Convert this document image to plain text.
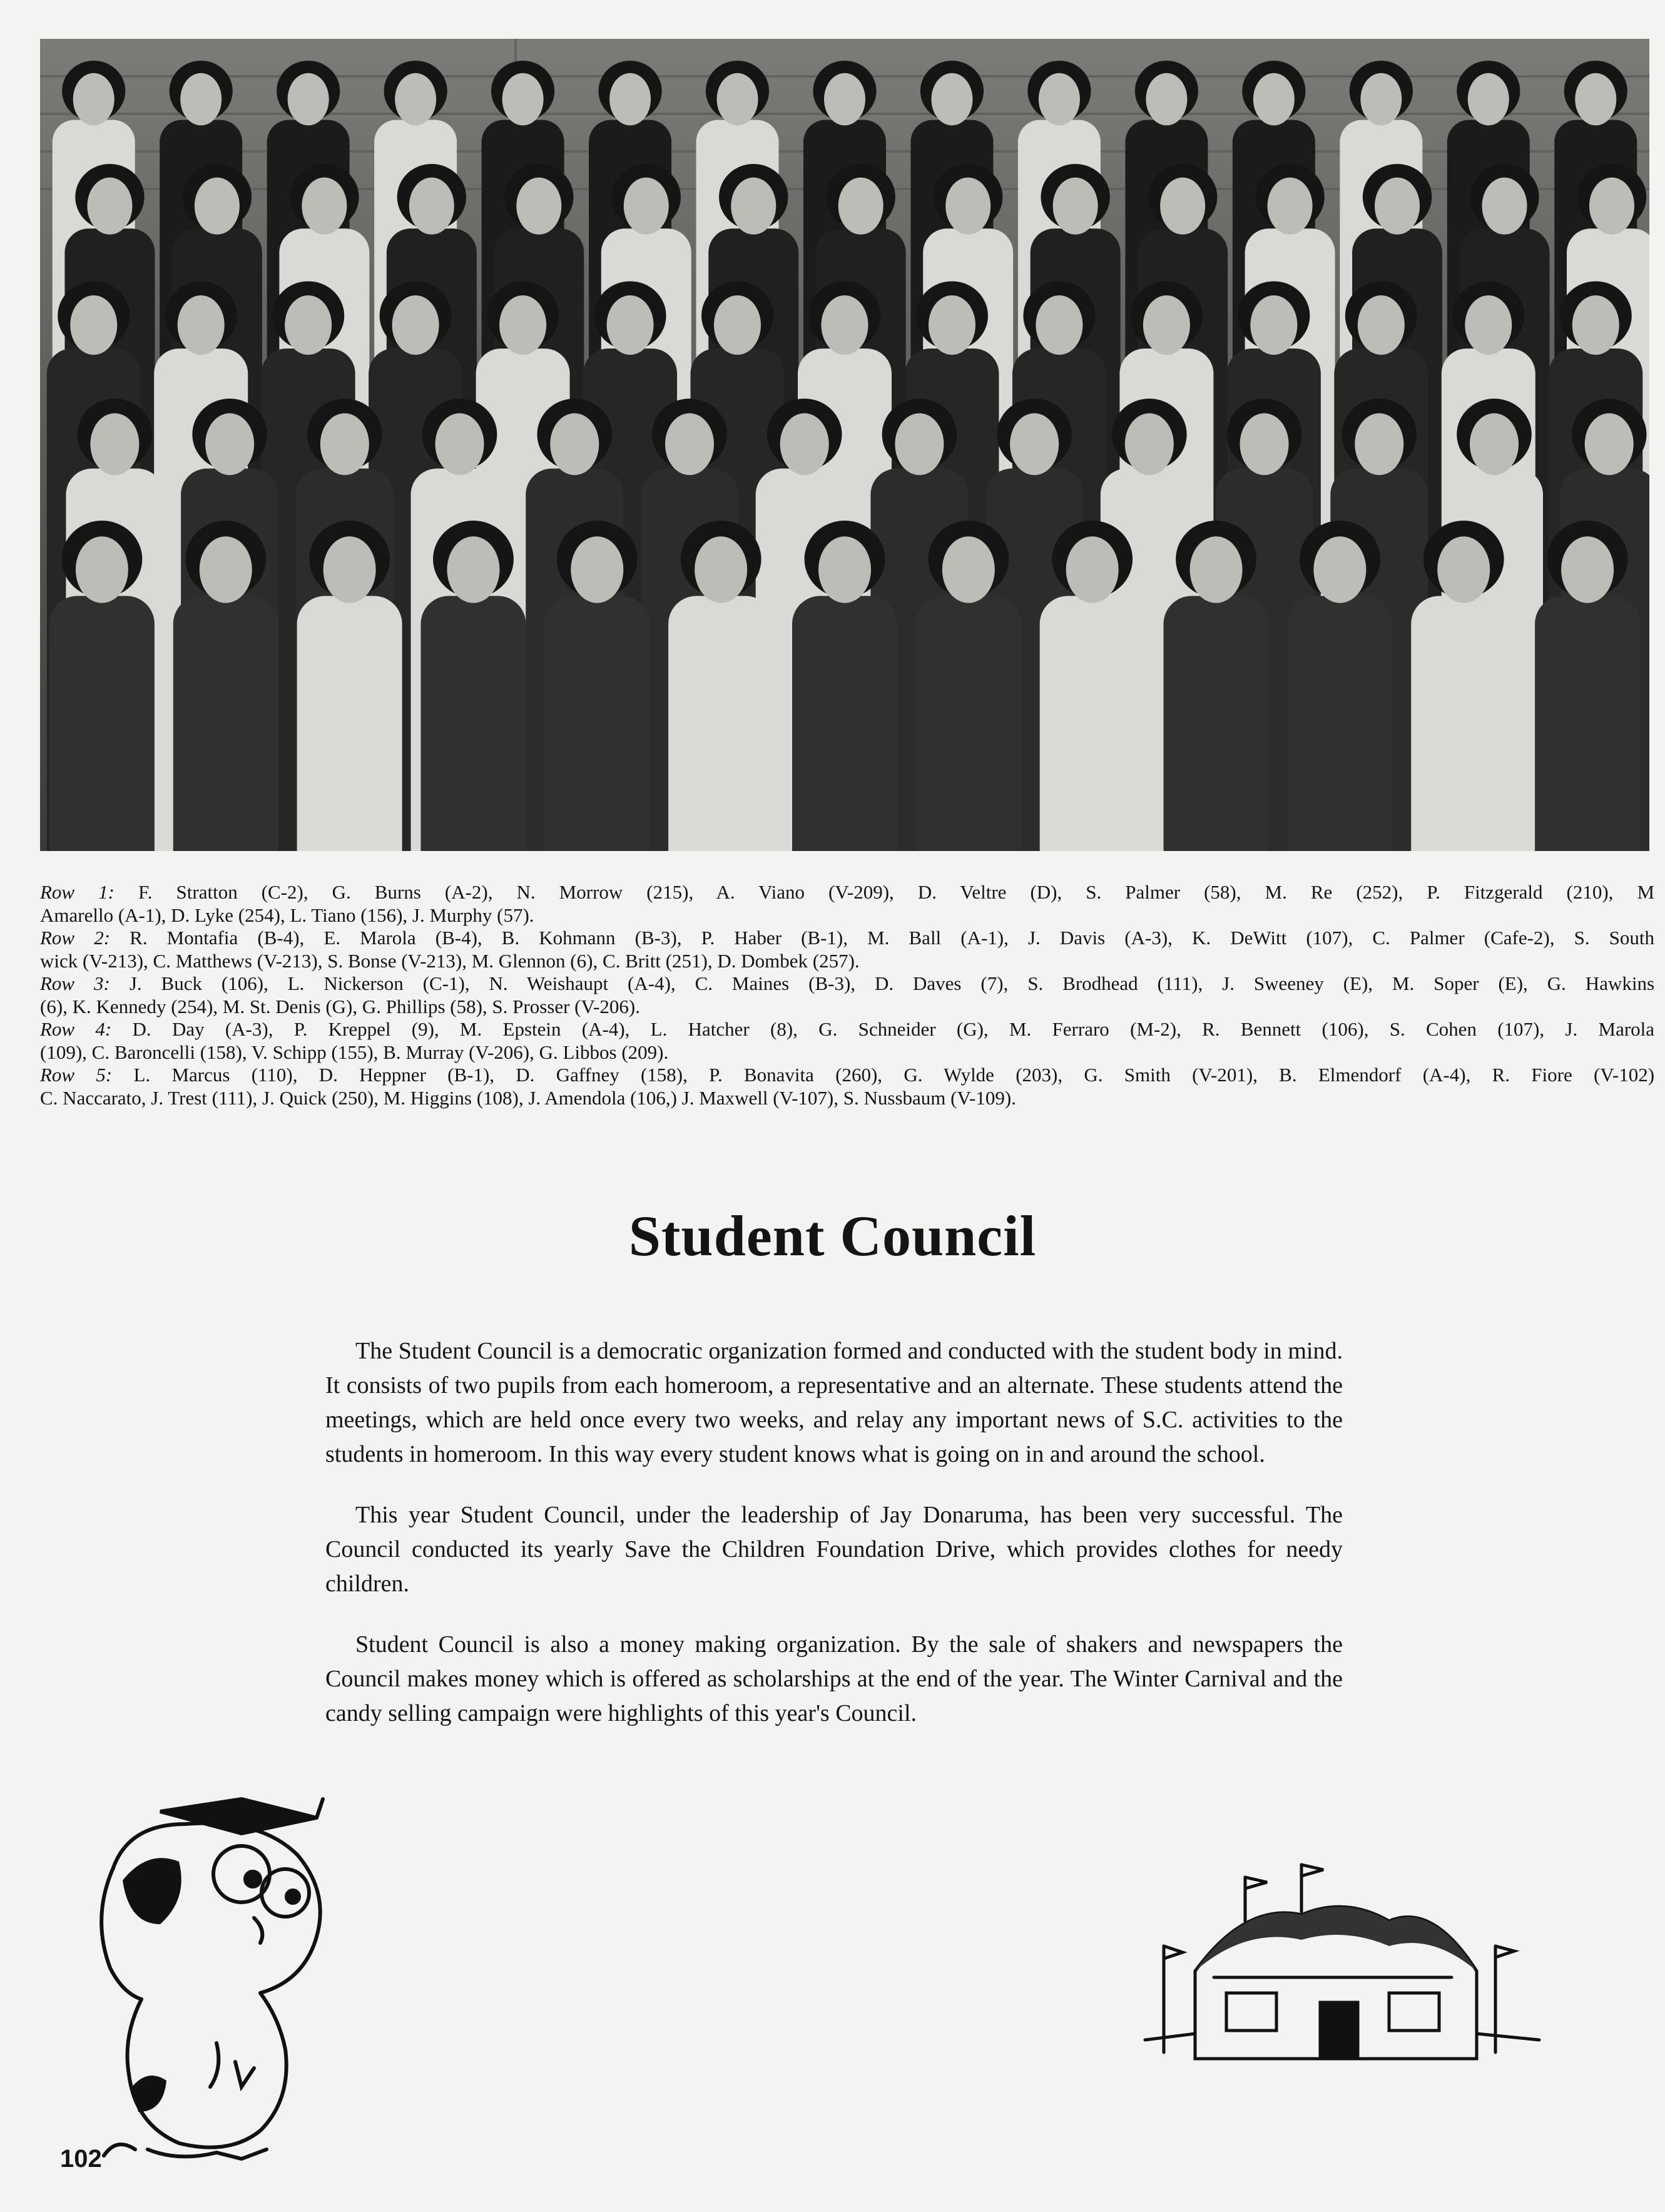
Row 1: F. Stratton (C-2), G. Burns (A-2), N. Morrow (215), A. Viano (V-209), D. Veltre (D), S. Palmer (58), M. Re (252), P. Fitzgerald (210), M
Amarello (A-1), D. Lyke (254), L. Tiano (156), J. Murphy (57).
Row 2: R. Montafia (B-4), E. Marola (B-4), B. Kohmann (B-3), P. Haber (B-1), M. Ball (A-1), J. Davis (A-3), K. DeWitt (107), C. Palmer (Cafe-2), S. South
wick (V-213), C. Matthews (V-213), S. Bonse (V-213), M. Glennon (6), C. Britt (251), D. Dombek (257).
Row 3: J. Buck (106), L. Nickerson (C-1), N. Weishaupt (A-4), C. Maines (B-3), D. Daves (7), S. Brodhead (111), J. Sweeney (E), M. Soper (E), G. Hawkins
(6), K. Kennedy (254), M. St. Denis (G), G. Phillips (58), S. Prosser (V-206).
Row 4: D. Day (A-3), P. Kreppel (9), M. Epstein (A-4), L. Hatcher (8), G. Schneider (G), M. Ferraro (M-2), R. Bennett (106), S. Cohen (107), J. Marola
(109), C. Baroncelli (158), V. Schipp (155), B. Murray (V-206), G. Libbos (209).
Row 5: L. Marcus (110), D. Heppner (B-1), D. Gaffney (158), P. Bonavita (260), G. Wylde (203), G. Smith (V-201), B. Elmendorf (A-4), R. Fiore (V-102)
C. Naccarato, J. Trest (111), J. Quick (250), M. Higgins (108), J. Amendola (106,) J. Maxwell (V-107), S. Nussbaum (V-109).
Student Council

The Student Council is a democratic organization formed and conducted with the student body in mind. It consists of two pupils from each homeroom, a representative and an alternate. These students attend the meetings, which are held once every two weeks, and relay any important news of S.C. activities to the students in homeroom. In this way every student knows what is going on in and around the school.

This year Student Council, under the leadership of Jay Donaruma, has been very successful. The Council conducted its yearly Save the Children Foundation Drive, which provides clothes for needy children.

Student Council is also a money making organization. By the sale of shakers and newspapers the Council makes money which is offered as scholarships at the end of the year. The Winter Carnival and the candy selling campaign were highlights of this year's Council.

102
